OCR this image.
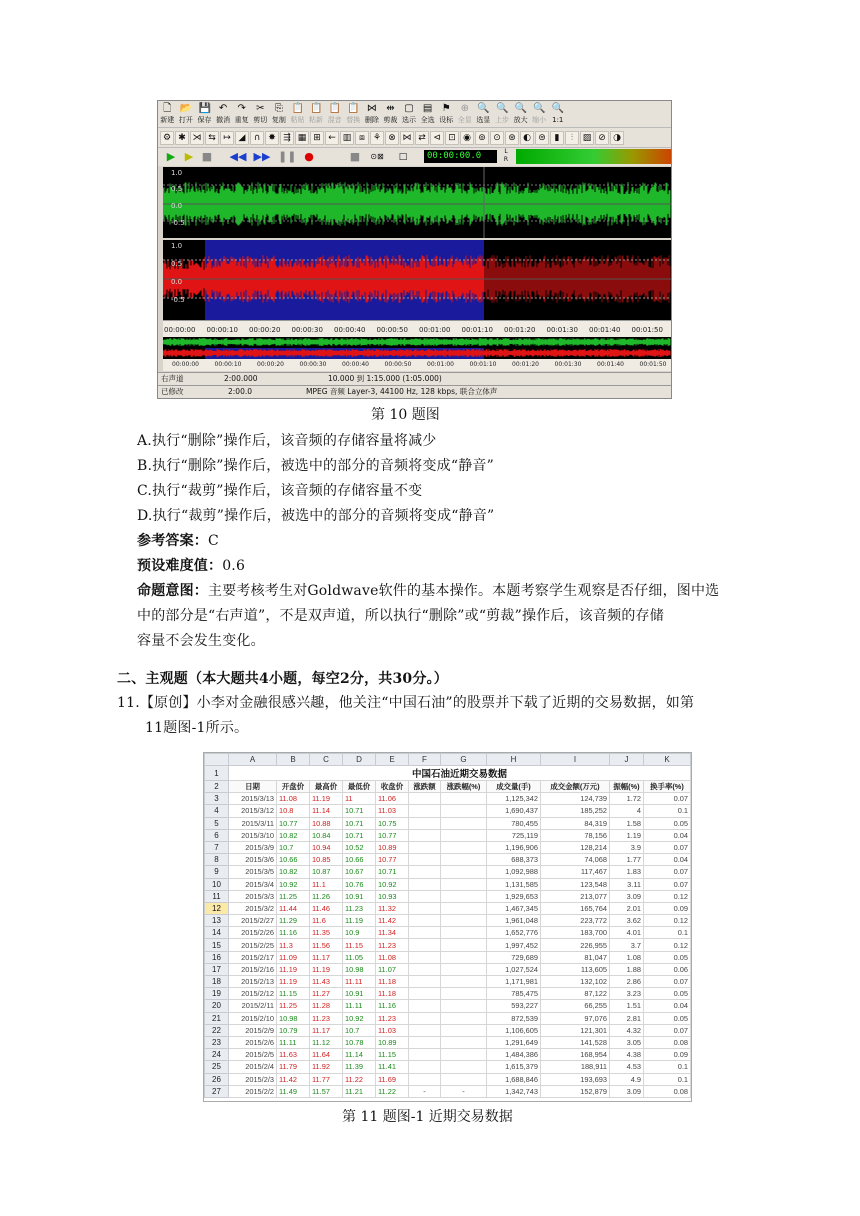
🗋
新建
📂
打开
💾
保存
↶
撤消
↷
重复
✂
剪切
⎘
复制
📋
粘贴
📋
粘新
📋
混音
📋
替换
⋈
删除
⇹
剪裁
▢
选示
▤
全选
⚑
设标
⊕
全显
🔍
选显
🔍
上步
🔍
放大
🔍
缩小
🔍
1:1
⚙ ✱ ⋊ ⇆ ↦ ◢ ∩ ✸ ⇶ ▦ ⊞ ← ▥ ⧈ ⚘ ⊗ ⋈ ⇄ ⊲ ⊡ ◉ ⊚ ⊙ ⊛ ◐ ⊜ ▮	⫶	▨ ⊘ ◑
▶ ▶ ■ ◀◀ ▶▶ ❚❚ ●	■ ⊙⊠	□	00:00:00.0	L
R
1.0
0.5
0.0
-0.5
1.0
0.5
0.0
-0.5
00:00:00 00:00:10 00:00:20 00:00:30 00:00:40 00:00:50 00:01:00 00:01:10 00:01:20 00:01:30 00:01:40 00:01:50
00:00:00	00:00:10	00:00:20	00:00:30	00:00:40	00:00:50	00:01:00	00:01:10	00:01:20	00:01:30	00:01:40	00:01:50
右声道	2:00.000	10.000 到 1:15.000 (1:05.000)
已修改	2:00.0	MPEG 音频 Layer-3, 44100 Hz, 128 kbps, 联合立体声
第 10 题图
A.执行“删除”操作后，该音频的存储容量将减少
B.执行“删除”操作后，被选中的部分的音频将变成“静音”
C.执行“裁剪”操作后，该音频的存储容量不变
D.执行“裁剪”操作后，被选中的部分的音频将变成“静音”
参考答案：C
预设难度值：0.6
命题意图：主要考核考生对Goldwave软件的基本操作。本题考察学生观察是否仔细，图中选
中的部分是“右声道”，不是双声道，所以执行“删除”或“剪裁”操作后，该音频的存储
容量不会发生变化。
二、主观题（本大题共4小题，每空2分，共30分。）
11.【原创】小李对金融很感兴趣，他关注“中国石油”的股票并下载了近期的交易数据，如第
11题图-1所示。
	A	B	C	D	E	F	G	H	I	J	K
1	中国石油近期交易数据										
2	日期	开盘价	最高价	最低价	收盘价	涨跌额	涨跌幅(%)	成交量(手)	成交金额(万元)	振幅(%)	换手率(%)
3	2015/3/13	11.08	11.19	11	11.06			1,125,342	124,739	1.72	0.07
4	2015/3/12	10.8	11.14	10.71	11.03			1,690,437	185,252	4	0.1
5	2015/3/11	10.77	10.88	10.71	10.75			780,455	84,319	1.58	0.05
6	2015/3/10	10.82	10.84	10.71	10.77			725,119	78,156	1.19	0.04
7	2015/3/9	10.7	10.94	10.52	10.89			1,196,906	128,214	3.9	0.07
8	2015/3/6	10.66	10.85	10.66	10.77			688,373	74,068	1.77	0.04
9	2015/3/5	10.82	10.87	10.67	10.71			1,092,988	117,467	1.83	0.07
10	2015/3/4	10.92	11.1	10.76	10.92			1,131,585	123,548	3.11	0.07
11	2015/3/3	11.25	11.26	10.91	10.93			1,929,653	213,077	3.09	0.12
12	2015/3/2	11.44	11.46	11.23	11.32			1,467,345	165,764	2.01	0.09
13	2015/2/27	11.29	11.6	11.19	11.42			1,961,048	223,772	3.62	0.12
14	2015/2/26	11.16	11.35	10.9	11.34			1,652,776	183,700	4.01	0.1
15	2015/2/25	11.3	11.56	11.15	11.23			1,997,452	226,955	3.7	0.12
16	2015/2/17	11.09	11.17	11.05	11.08			729,689	81,047	1.08	0.05
17	2015/2/16	11.19	11.19	10.98	11.07			1,027,524	113,605	1.88	0.06
18	2015/2/13	11.19	11.43	11.11	11.18			1,171,981	132,102	2.86	0.07
19	2015/2/12	11.15	11.27	10.91	11.18			785,475	87,122	3.23	0.05
20	2015/2/11	11.25	11.28	11.11	11.16			593,227	66,255	1.51	0.04
21	2015/2/10	10.98	11.23	10.92	11.23			872,539	97,076	2.81	0.05
22	2015/2/9	10.79	11.17	10.7	11.03			1,106,605	121,301	4.32	0.07
23	2015/2/6	11.11	11.12	10.78	10.89			1,291,649	141,528	3.05	0.08
24	2015/2/5	11.63	11.64	11.14	11.15			1,484,386	168,954	4.38	0.09
25	2015/2/4	11.79	11.92	11.39	11.41			1,615,379	188,911	4.53	0.1
26	2015/2/3	11.42	11.77	11.22	11.69			1,688,846	193,693	4.9	0.1
27	2015/2/2	11.49	11.57	11.21	11.22	-	-	1,342,743	152,879	3.09	0.08
第 11 题图-1 近期交易数据
